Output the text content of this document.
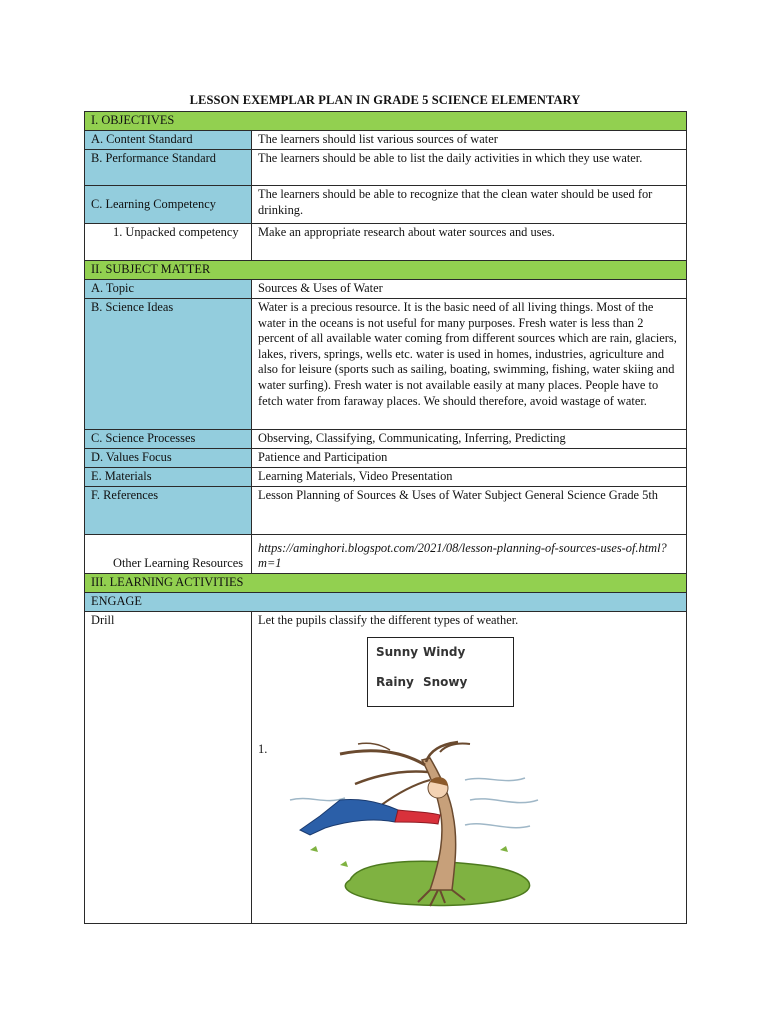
LESSON EXEMPLAR PLAN IN GRADE 5 SCIENCE ELEMENTARY
I. OBJECTIVES	
A. Content Standard	The learners should list various sources of water
B. Performance Standard	The learners should be able to list the daily activities in which they use water.
C. Learning Competency	The learners should be able to recognize that the clean water should be used for drinking.
1. Unpacked competency	Make an appropriate research about water sources and uses.
II. SUBJECT MATTER	
A. Topic	Sources & Uses of Water
B. Science Ideas	Water is a precious resource. It is the basic need of all living things. Most of the water in the oceans is not useful for many purposes. Fresh water is less than 2 percent of all available water coming from different sources which are rain, glaciers, lakes, rivers, springs, wells etc. water is used in homes, industries, agriculture and also for leisure (sports such as sailing, boating, swimming, fishing, water skiing and water surfing). Fresh water is not available easily at many places. People have to fetch water from faraway places. We should therefore, avoid wastage of water.
C. Science Processes	Observing, Classifying, Communicating, Inferring, Predicting
D. Values Focus	Patience and Participation
E. Materials	Learning Materials, Video Presentation
F. References	Lesson Planning of Sources & Uses of Water Subject General Science Grade 5th
Other Learning Resources	https://aminghori.blogspot.com/2021/08/lesson-planning-of-sources-uses-of.html?m=1
III. LEARNING ACTIVITIES	
ENGAGE	
Drill	Let the pupils classify the different types of weather.
Sunny Windy
Rainy Snowy
1.
